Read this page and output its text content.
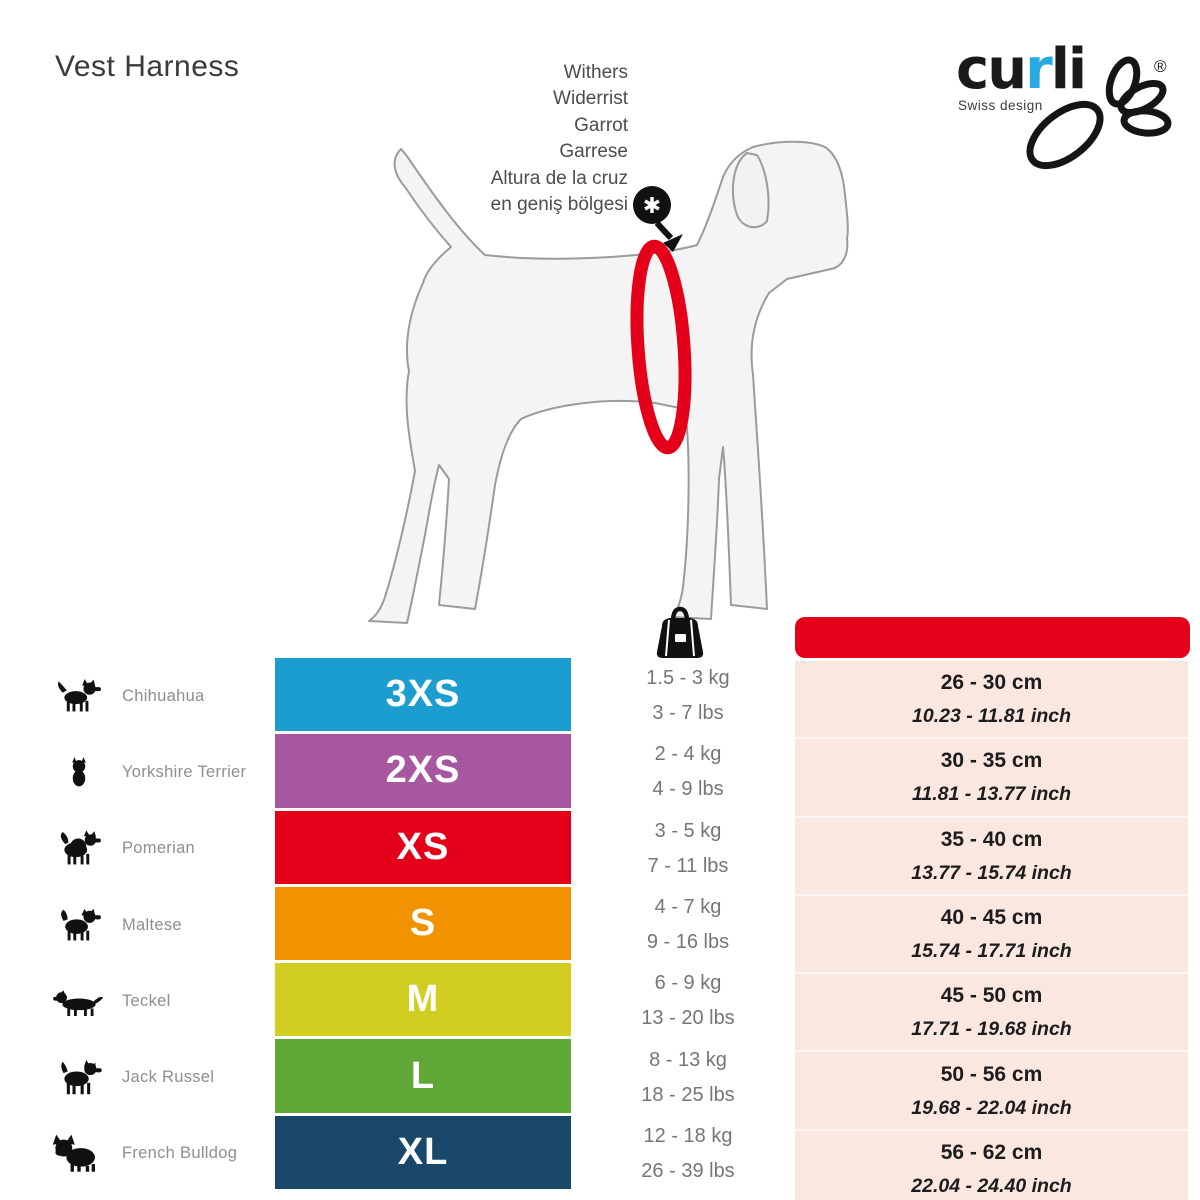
Vest Harness	Withers
Widerrist
Garrot
Garrese
Altura de la cruz
en geniş bölgesi ✱
curli
Swiss design
®
Chihuahua
Yorkshire Terrier
Pomerian
Maltese
Teckel
Jack Russel
French Bulldog
3XS
2XS
XS
S
M
L
XL
1.5 - 3 kg
3 - 7 lbs
2 - 4 kg
4 - 9 lbs
3 - 5 kg
7 - 11 lbs
4 - 7 kg
9 - 16 lbs
6 - 9 kg
13 - 20 lbs
8 - 13 kg
18 - 25 lbs
12 - 18 kg
26 - 39 lbs
26 - 30 cm
10.23 - 11.81 inch
30 - 35 cm
11.81 - 13.77 inch
35 - 40 cm
13.77 - 15.74 inch
40 - 45 cm
15.74 - 17.71 inch
45 - 50 cm
17.71 - 19.68 inch
50 - 56 cm
19.68 - 22.04 inch
56 - 62 cm
22.04 - 24.40 inch
